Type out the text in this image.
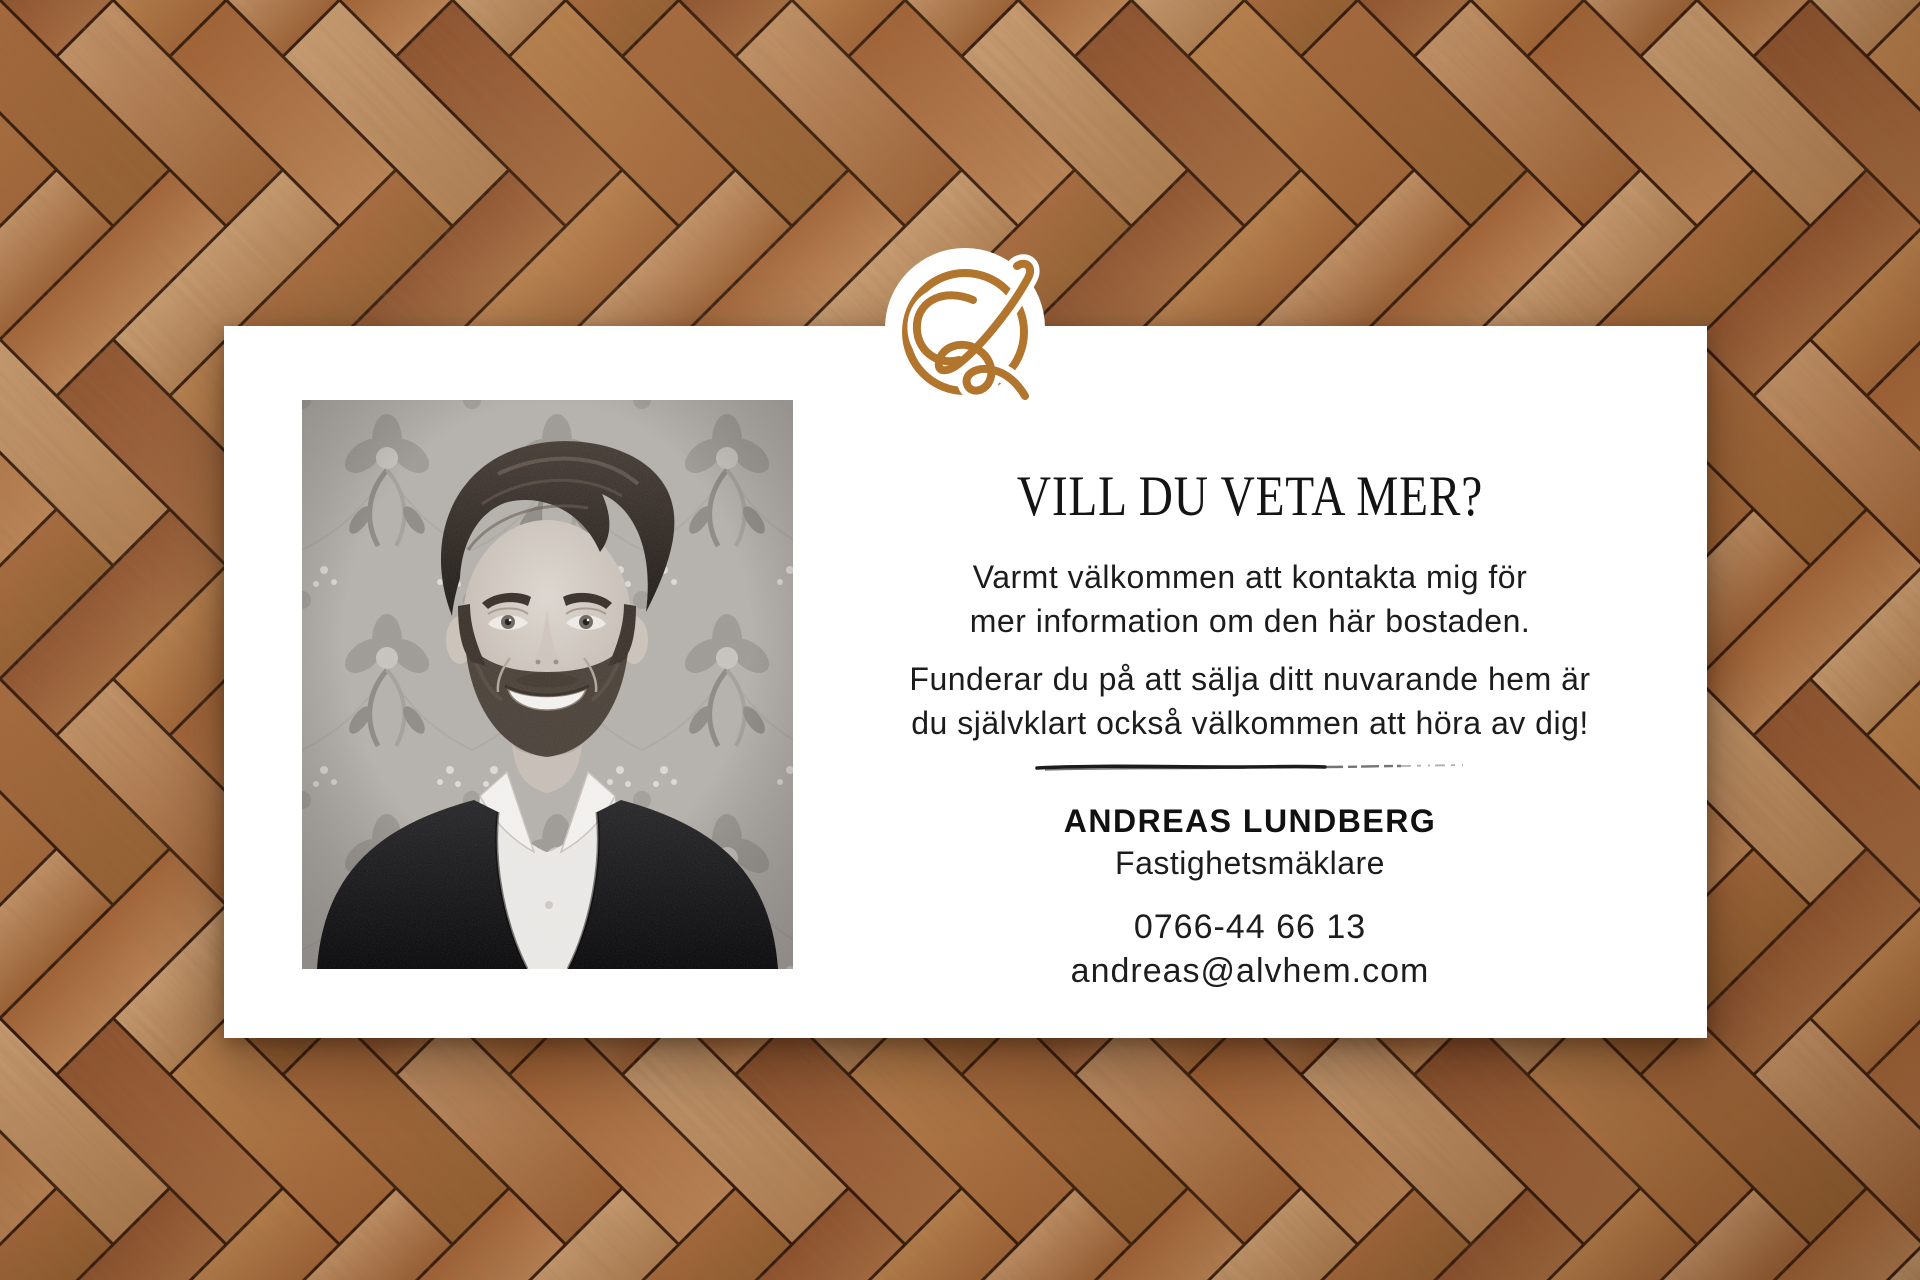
VILL DU VETA MER?

Varmt välkommen att kontakta mig för
mer information om den här bostaden.

Funderar du på att sälja ditt nuvarande hem är
du självklart också välkommen att höra av dig!

ANDREAS LUNDBERG
Fastighetsmäklare
0766-44 66 13
andreas@alvhem.com
